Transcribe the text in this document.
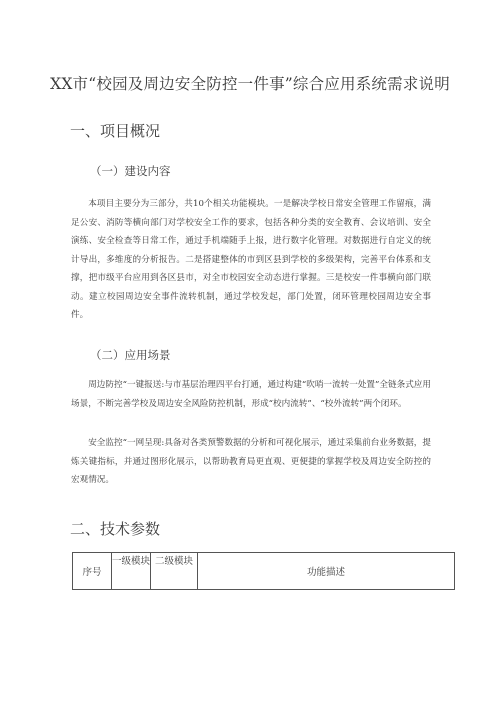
XX市“校园及周边安全防控一件事”综合应用系统需求说明
一、项目概况
（一）建设内容

本项目主要分为三部分，共10个相关功能模块。一是解决学校日常安全管理工作留痕，满足公安、消防等横向部门对学校安全工作的要求，包括各种分类的安全教育、会议培训、安全演练、安全检查等日常工作，通过手机端随手上报，进行数字化管理。对数据进行自定义的统计导出，多维度的分析报告。二是搭建整体的市到区县到学校的多级架构，完善平台体系和支撑，把市级平台应用到各区县市，对全市校园安全动态进行掌握。三是校安一件事横向部门联动。建立校园周边安全事件流转机制，通过学校发起，部门处置，闭环管理校园周边安全事件。

（二）应用场景

周边防控“一键报送:与市基层治理四平台打通，通过构建“吹哨一流转一处置”全链条式应用场景，不断完善学校及周边安全风险防控机制，形成“校内流转”、“校外流转”两个闭环。

安全监控“一网呈现:具备对各类预警数据的分析和可视化展示，通过采集前台业务数据，提炼关键指标，并通过图形化展示，以帮助教育局更直观、更便捷的掌握学校及周边安全防控的宏观情况。

二、技术参数
序号	一级模块	二级模块	功能描述
